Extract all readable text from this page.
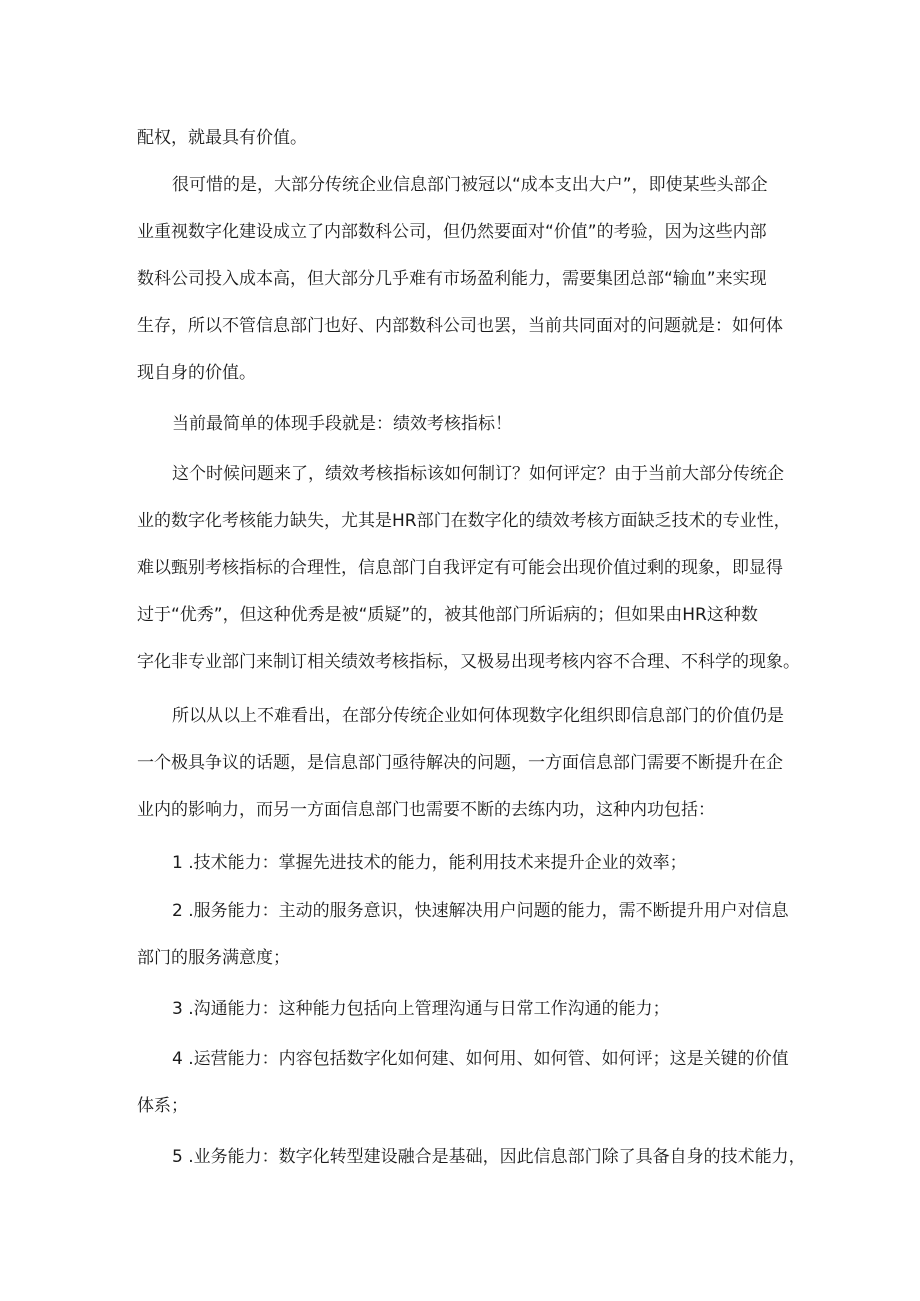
配权，就最具有价值。
很可惜的是，大部分传统企业信息部门被冠以“成本支出大户”，即使某些头部企
业重视数字化建设成立了内部数科公司，但仍然要面对“价值”的考验，因为这些内部
数科公司投入成本高，但大部分几乎难有市场盈利能力，需要集团总部“输血”来实现
生存，所以不管信息部门也好、内部数科公司也罢，当前共同面对的问题就是：如何体
现自身的价值。
当前最简单的体现手段就是：绩效考核指标！
这个时候问题来了，绩效考核指标该如何制订？如何评定？由于当前大部分传统企
业的数字化考核能力缺失，尤其是HR部门在数字化的绩效考核方面缺乏技术的专业性，
难以甄别考核指标的合理性，信息部门自我评定有可能会出现价值过剩的现象，即显得
过于“优秀”，但这种优秀是被“质疑”的，被其他部门所诟病的；但如果由HR这种数
字化非专业部门来制订相关绩效考核指标，又极易出现考核内容不合理、不科学的现象。
所以从以上不难看出，在部分传统企业如何体现数字化组织即信息部门的价值仍是
一个极具争议的话题，是信息部门亟待解决的问题，一方面信息部门需要不断提升在企
业内的影响力，而另一方面信息部门也需要不断的去练内功，这种内功包括：
1 .技术能力：掌握先进技术的能力，能利用技术来提升企业的效率；
2 .服务能力：主动的服务意识，快速解决用户问题的能力，需不断提升用户对信息
部门的服务满意度；
3 .沟通能力：这种能力包括向上管理沟通与日常工作沟通的能力；
4 .运营能力：内容包括数字化如何建、如何用、如何管、如何评；这是关键的价值
体系；
5 .业务能力：数字化转型建设融合是基础，因此信息部门除了具备自身的技术能力，
